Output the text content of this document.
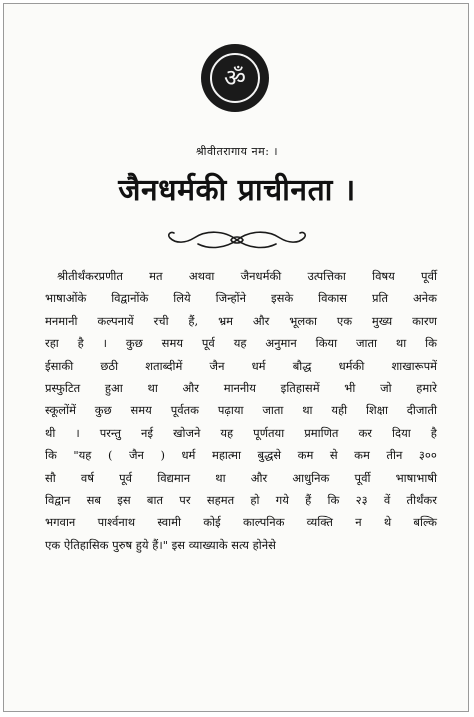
ॐ
श्रीवीतरागाय नम: ।
जैनधर्मकी प्राचीनता ।
श्रीतीर्थंकरप्रणीत मत अथवा जैनधर्मकी उत्पत्तिका विषय पूर्वी
भाषाओंके विद्वानोंके लिये जिन्होंने इसके विकास प्रति अनेक
मनमानी कल्पनायें रची हैं, भ्रम और भूलका एक मुख्य कारण
रहा है । कुछ समय पूर्व यह अनुमान किया जाता था कि
ईसाकी छठी शताब्दीमें जैन धर्म बौद्ध धर्मकी शाखारूपमें
प्रस्फुटित हुआ था और माननीय इतिहासमें भी जो हमारे
स्कूलोंमें कुछ समय पूर्वतक पढ़ाया जाता था यही शिक्षा दीजाती
थी । परन्तु नई खोजने यह पूर्णतया प्रमाणित कर दिया है
कि "यह ( जैन ) धर्म महात्मा बुद्धसे कम से कम तीन ३००
सौ वर्ष पूर्व विद्यमान था और आधुनिक पूर्वी भाषाभाषी
विद्वान सब इस बात पर सहमत हो गये हैं कि २३ वें तीर्थंकर
भगवान पार्श्वनाथ स्वामी कोई काल्पनिक व्यक्ति न थे बल्कि
एक ऐतिहासिक पुरुष हुये हैं।" इस व्याख्याके सत्य होनेसे
